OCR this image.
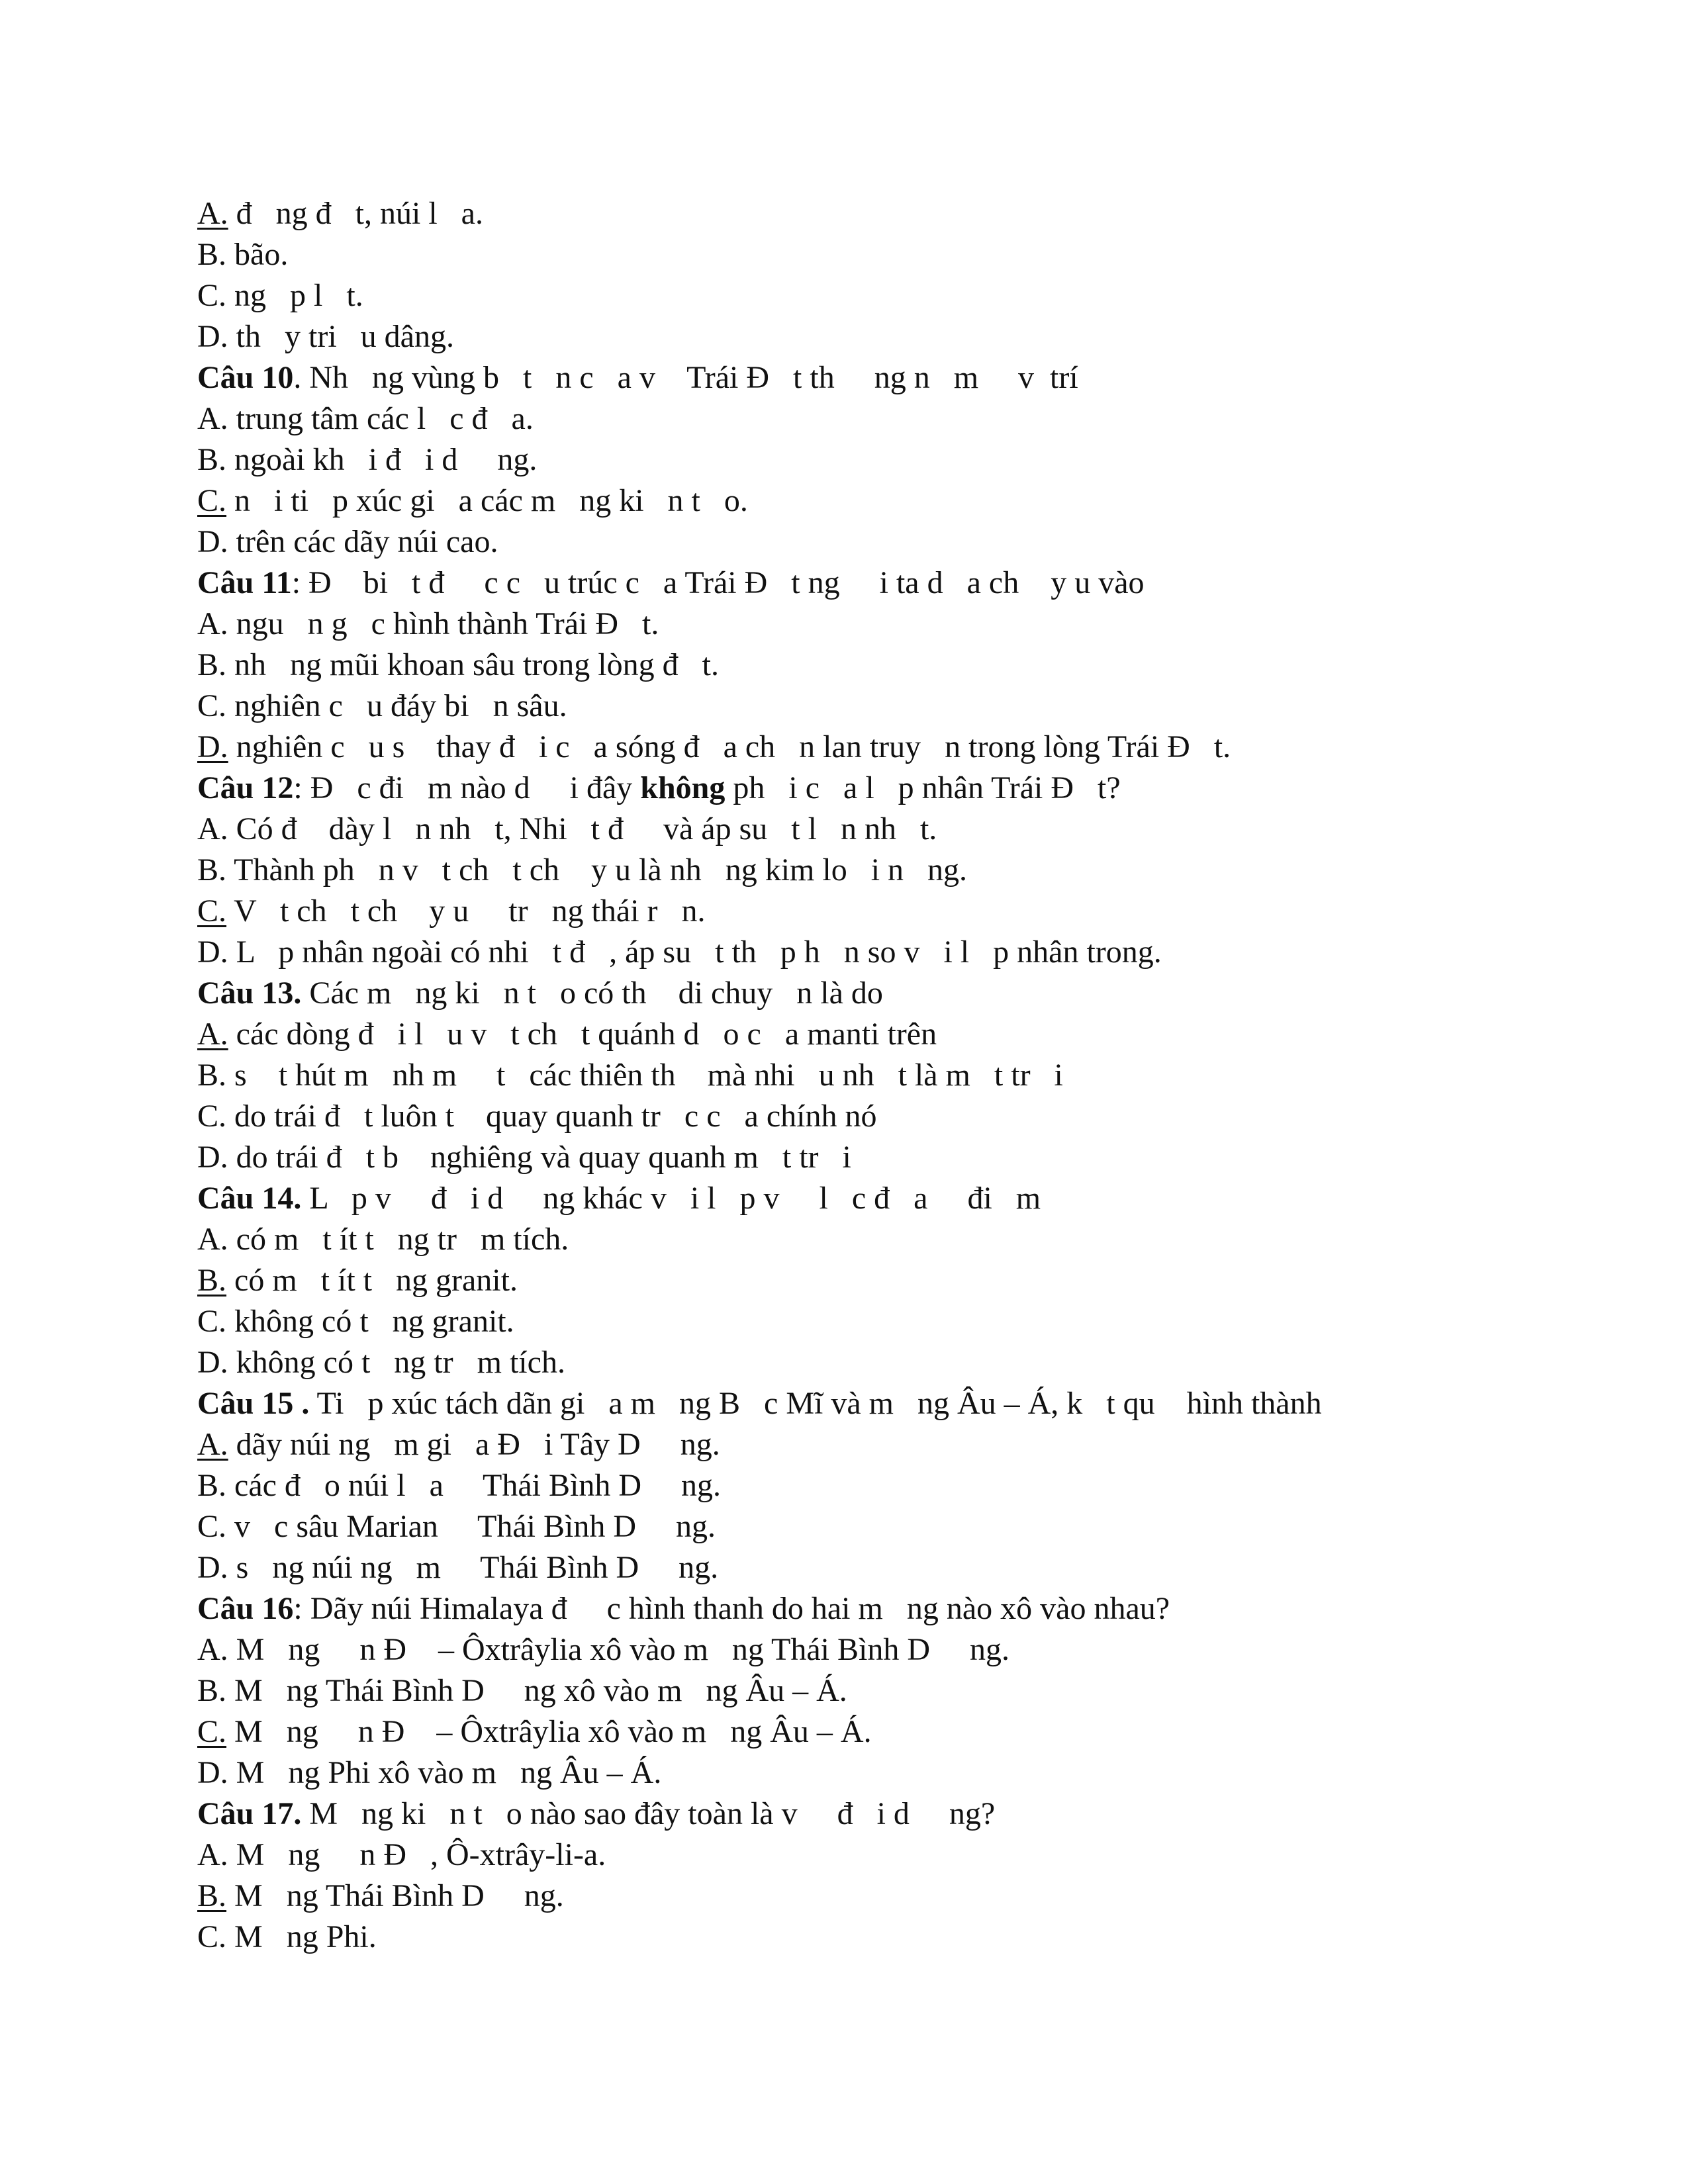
A. đ   ng đ   t, núi l   a.
B. bão.
C. ng   p l   t.
D. th   y tri   u dâng.
Câu 10. Nh   ng vùng b   t   n c   a v    Trái Đ   t th     ng n   m     v  trí
A. trung tâm các l   c đ   a.
B. ngoài kh   i đ   i d     ng.
C. n   i ti   p xúc gi   a các m   ng ki   n t   o.
D. trên các dãy núi cao.
Câu 11: Đ    bi   t đ     c c   u trúc c   a Trái Đ   t ng     i ta d   a ch    y u vào
A. ngu   n g   c hình thành Trái Đ   t.
B. nh   ng mũi khoan sâu trong lòng đ   t.
C. nghiên c   u đáy bi   n sâu.
D. nghiên c   u s    thay đ   i c   a sóng đ   a ch   n lan truy   n trong lòng Trái Đ   t.
Câu 12: Đ   c đi   m nào d     i đây không ph   i c   a l   p nhân Trái Đ   t?
A. Có đ    dày l   n nh   t, Nhi   t đ     và áp su   t l   n nh   t.
B. Thành ph   n v   t ch   t ch    y u là nh   ng kim lo   i n   ng.
C. V   t ch   t ch    y u     tr   ng thái r   n.
D. L   p nhân ngoài có nhi   t đ   , áp su   t th   p h   n so v   i l   p nhân trong.
Câu 13. Các m   ng ki   n t   o có th    di chuy   n là do
A. các dòng đ   i l   u v   t ch   t quánh d   o c   a manti trên
B. s    t hút m   nh m     t   các thiên th    mà nhi   u nh   t là m   t tr   i
C. do trái đ   t luôn t    quay quanh tr   c c   a chính nó
D. do trái đ   t b    nghiêng và quay quanh m   t tr   i
Câu 14. L   p v     đ   i d     ng khác v   i l   p v     l   c đ   a     đi   m
A. có m   t ít t   ng tr   m tích.
B. có m   t ít t   ng granit.
C. không có t   ng granit.
D. không có t   ng tr   m tích.
Câu 15 . Ti   p xúc tách dãn gi   a m   ng B   c Mĩ và m   ng Âu – Á, k   t qu    hình thành
A. dãy núi ng   m gi   a Đ   i Tây D     ng.
B. các đ   o núi l   a     Thái Bình D     ng.
C. v   c sâu Marian     Thái Bình D     ng.
D. s   ng núi ng   m     Thái Bình D     ng.
Câu 16: Dãy núi Himalaya đ     c hình thanh do hai m   ng nào xô vào nhau?
A. M   ng     n Đ    – Ôxtrâylia xô vào m   ng Thái Bình D     ng.
B. M   ng Thái Bình D     ng xô vào m   ng Âu – Á.
C. M   ng     n Đ    – Ôxtrâylia xô vào m   ng Âu – Á.
D. M   ng Phi xô vào m   ng Âu – Á.
Câu 17. M   ng ki   n t   o nào sao đây toàn là v     đ   i d     ng?
A. M   ng     n Đ   , Ô-xtrây-li-a.
B. M   ng Thái Bình D     ng.
C. M   ng Phi.
